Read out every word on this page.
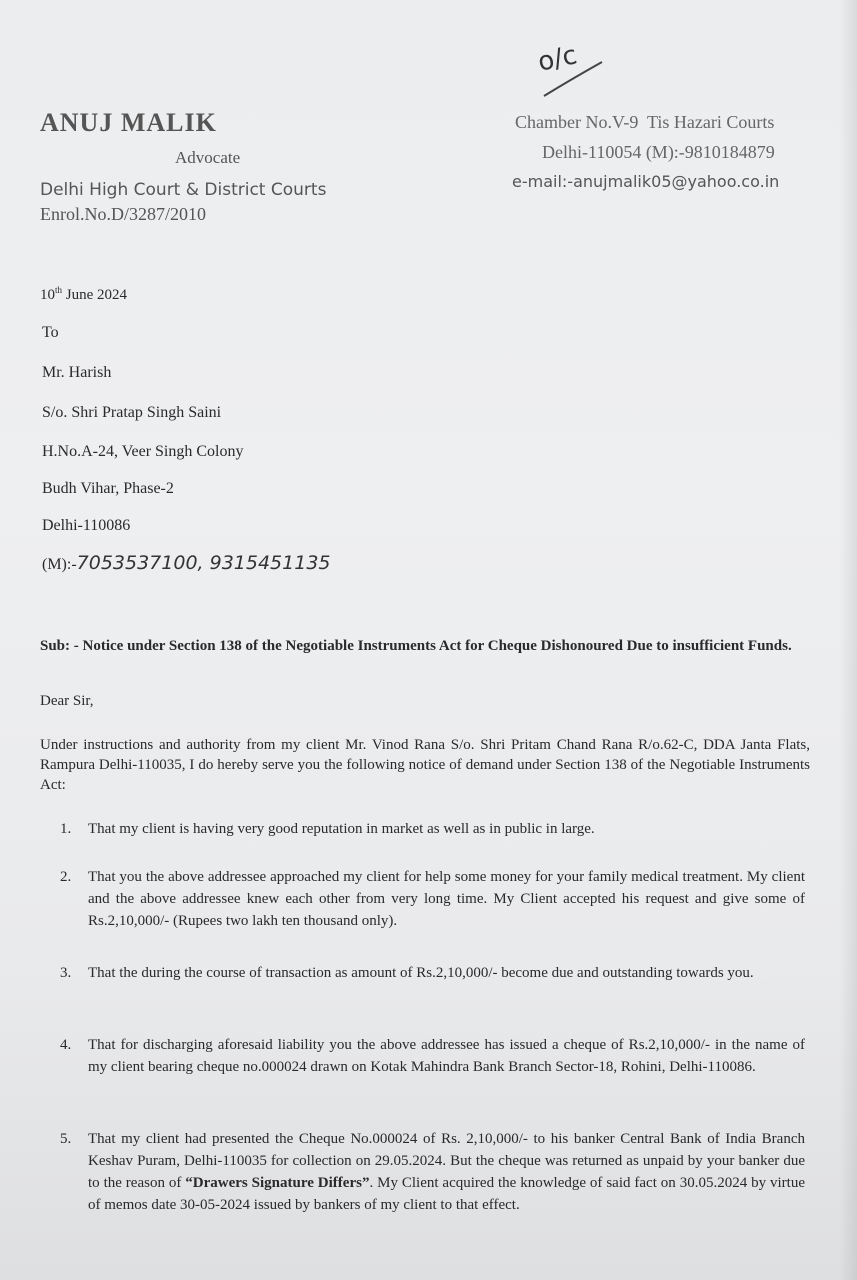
o/c
ANUJ MALIK
Advocate
Delhi High Court & District Courts
Enrol.No.D/3287/2010
Chamber No.V-9  Tis Hazari Courts
Delhi-110054 (M):-9810184879
e-mail:-anujmalik05@yahoo.co.in
10th June 2024
To
Mr. Harish
S/o. Shri Pratap Singh Saini
H.No.A-24, Veer Singh Colony
Budh Vihar, Phase-2
Delhi-110086
(M):-7053537100, 9315451135
Sub: - Notice under Section 138 of the Negotiable Instruments Act for Cheque Dishonoured Due to insufficient Funds.
Dear Sir,
Under instructions and authority from my client Mr. Vinod Rana S/o. Shri Pritam Chand Rana R/o.62-C, DDA Janta Flats, Rampura Delhi-110035, I do hereby serve you the following notice of demand under Section 138 of the Negotiable Instruments Act:
1. That my client is having very good reputation in market as well as in public in large.
2. That you the above addressee approached my client for help some money for your family medical treatment. My client and the above addressee knew each other from very long time. My Client accepted his request and give some of Rs.2,10,000/- (Rupees two lakh ten thousand only).
3. That the during the course of transaction as amount of Rs.2,10,000/- become due and outstanding towards you.
4. That for discharging aforesaid liability you the above addressee has issued a cheque of Rs.2,10,000/- in the name of my client bearing cheque no.000024 drawn on Kotak Mahindra Bank Branch Sector-18, Rohini, Delhi-110086.
5. That my client had presented the Cheque No.000024 of Rs. 2,10,000/- to his banker Central Bank of India Branch Keshav Puram, Delhi-110035 for collection on 29.05.2024. But the cheque was returned as unpaid by your banker due to the reason of “Drawers Signature Differs”. My Client acquired the knowledge of said fact on 30.05.2024 by virtue of memos date 30-05-2024 issued by bankers of my client to that effect.
